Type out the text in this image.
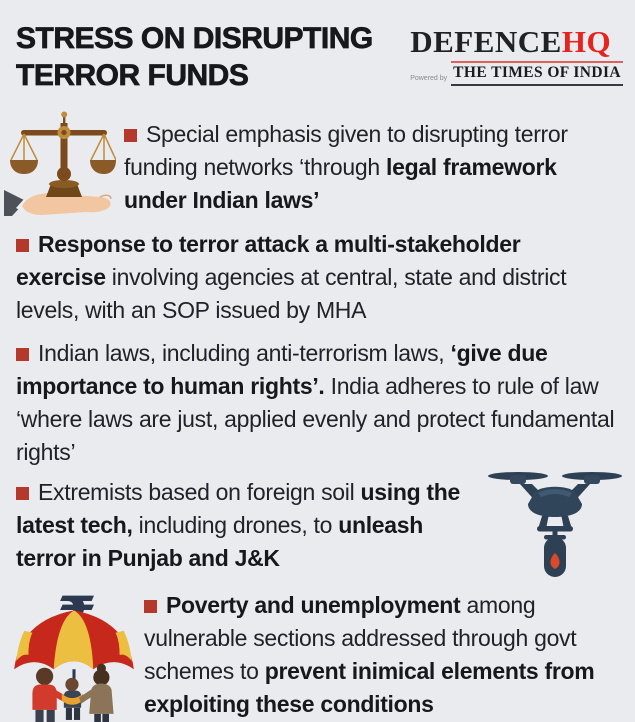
STRESS ON DISRUPTING
TERROR FUNDS
DEFENCEHQ
Powered by THE TIMES OF INDIA

Special emphasis given to disrupting terror funding networks ‘through legal framework under Indian laws’

Response to terror attack a multi-stakeholder exercise involving agencies at central, state and district levels, with an SOP issued by MHA

Indian laws, including anti-terrorism laws, ‘give due importance to human rights’. India adheres to rule of law ‘where laws are just, applied evenly and protect fundamental rights’

Extremists based on foreign soil using the latest tech, including drones, to unleash terror in Punjab and J&K

Poverty and unemployment among vulnerable sections addressed through govt schemes to prevent inimical elements from exploiting these conditions
